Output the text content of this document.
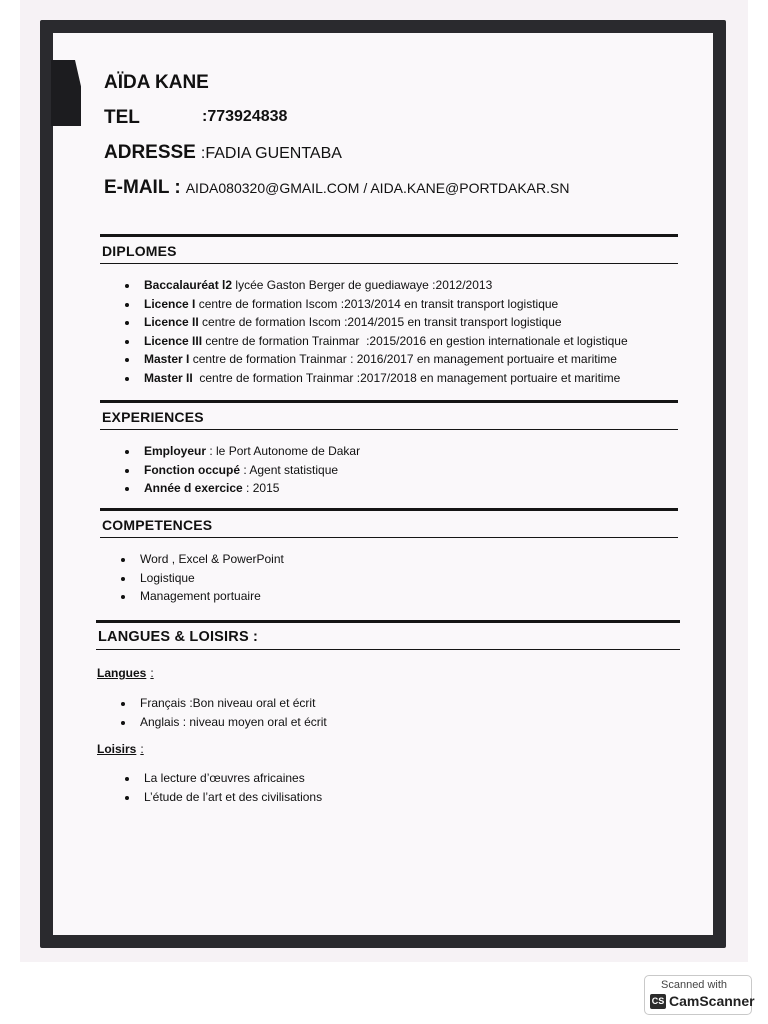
AÏDA KANE
TEL	:773924838
ADRESSE :FADIA GUENTABA
E-MAIL : AIDA080320@GMAIL.COM / AIDA.KANE@PORTDAKAR.SN
DIPLOMES
Baccalauréat l2 lycée Gaston Berger de guediawaye :2012/2013
Licence I centre de formation Iscom :2013/2014 en transit transport logistique
Licence II centre de formation Iscom :2014/2015 en transit transport logistique
Licence III centre de formation Trainmar  :2015/2016 en gestion internationale et logistique
Master I centre de formation Trainmar : 2016/2017 en management portuaire et maritime
Master II  centre de formation Trainmar :2017/2018 en management portuaire et maritime
EXPERIENCES
Employeur : le Port Autonome de Dakar
Fonction occupé : Agent statistique
Année d exercice : 2015
COMPETENCES
Word , Excel & PowerPoint
Logistique
Management portuaire
LANGUES & LOISIRS :
Langues :
Français :Bon niveau oral et écrit
Anglais : niveau moyen oral et écrit
Loisirs :
La lecture d’œuvres africaines
L’étude de l’art et des civilisations
Scanned with
CS CamScanner
